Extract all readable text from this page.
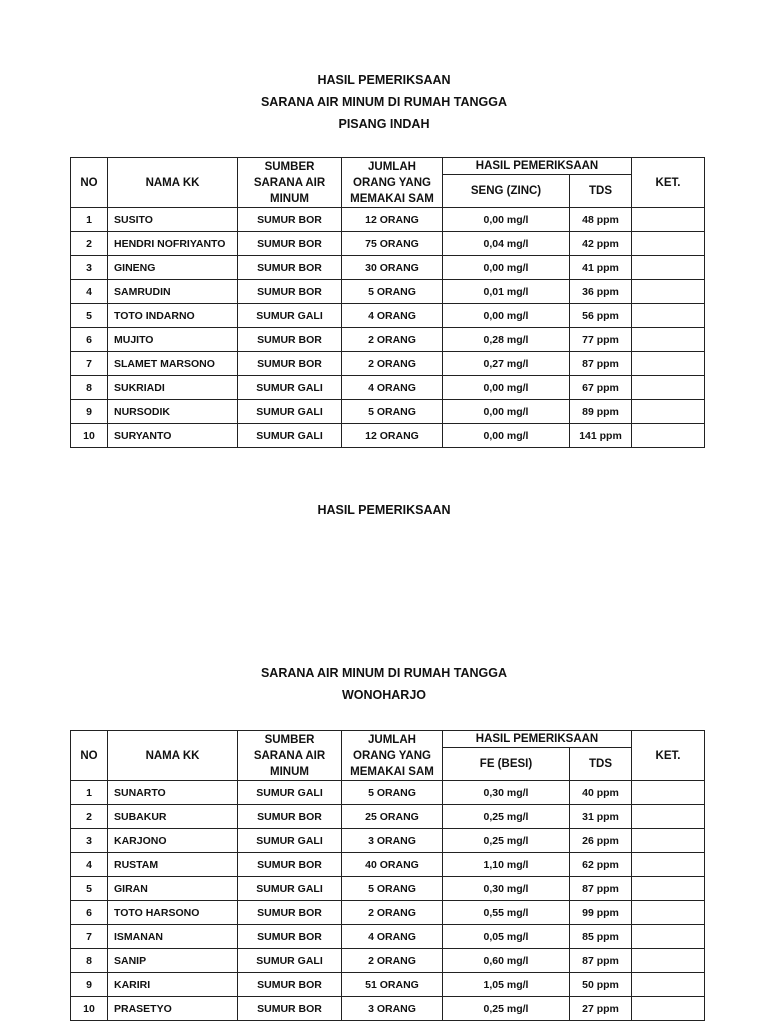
HASIL PEMERIKSAAN
SARANA AIR MINUM DI RUMAH TANGGA
PISANG INDAH
NO	NAMA KK	SUMBER SARANA AIR MINUM	JUMLAH ORANG YANG MEMAKAI SAM	HASIL PEMERIKSAAN		KET.
				SENG (ZINC)	TDS	
1	SUSITO	SUMUR BOR	12 ORANG	0,00 mg/l	48 ppm	
2	HENDRI NOFRIYANTO	SUMUR BOR	75 ORANG	0,04 mg/l	42 ppm	
3	GINENG	SUMUR BOR	30 ORANG	0,00 mg/l	41 ppm	
4	SAMRUDIN	SUMUR BOR	5 ORANG	0,01 mg/l	36 ppm	
5	TOTO INDARNO	SUMUR GALI	4 ORANG	0,00 mg/l	56 ppm	
6	MUJITO	SUMUR BOR	2 ORANG	0,28 mg/l	77 ppm	
7	SLAMET MARSONO	SUMUR BOR	2 ORANG	0,27 mg/l	87 ppm	
8	SUKRIADI	SUMUR GALI	4 ORANG	0,00 mg/l	67 ppm	
9	NURSODIK	SUMUR GALI	5 ORANG	0,00 mg/l	89 ppm	
10	SURYANTO	SUMUR GALI	12 ORANG	0,00 mg/l	141 ppm	
HASIL PEMERIKSAAN
SARANA AIR MINUM DI RUMAH TANGGA
WONOHARJO
NO	NAMA KK	SUMBER SARANA AIR MINUM	JUMLAH ORANG YANG MEMAKAI SAM	HASIL PEMERIKSAAN		KET.
				FE (BESI)	TDS	
1	SUNARTO	SUMUR GALI	5 ORANG	0,30 mg/l	40 ppm	
2	SUBAKUR	SUMUR BOR	25 ORANG	0,25 mg/l	31 ppm	
3	KARJONO	SUMUR GALI	3 ORANG	0,25 mg/l	26 ppm	
4	RUSTAM	SUMUR BOR	40 ORANG	1,10 mg/l	62 ppm	
5	GIRAN	SUMUR GALI	5 ORANG	0,30 mg/l	87 ppm	
6	TOTO HARSONO	SUMUR BOR	2 ORANG	0,55 mg/l	99 ppm	
7	ISMANAN	SUMUR BOR	4 ORANG	0,05 mg/l	85 ppm	
8	SANIP	SUMUR GALI	2 ORANG	0,60 mg/l	87 ppm	
9	KARIRI	SUMUR BOR	51 ORANG	1,05 mg/l	50 ppm	
10	PRASETYO	SUMUR BOR	3 ORANG	0,25 mg/l	27 ppm	
